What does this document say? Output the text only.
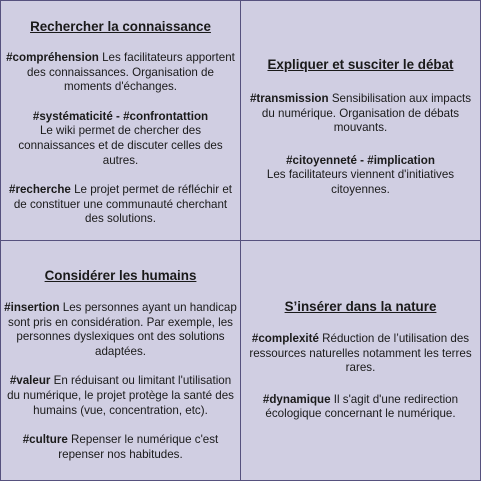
Rechercher la connaissance
#compréhension Les facilitateurs apportent des connaissances. Organisation de moments d'échanges.
#systématicité - #confrontattion
Le wiki permet de chercher des connaissances et de discuter celles des autres.
#recherche Le projet permet de réfléchir et de constituer une communauté cherchant des solutions.
Expliquer et susciter le débat
#transmission Sensibilisation aux impacts du numérique. Organisation de débats mouvants.
#citoyenneté - #implication
Les facilitateurs viennent d'initiatives citoyennes.
Considérer les humains
#insertion Les personnes ayant un handicap sont pris en considération. Par exemple, les personnes dyslexiques ont des solutions adaptées.
#valeur En réduisant ou limitant l'utilisation du numérique, le projet protège la santé des humains (vue, concentration, etc).
#culture Repenser le numérique c'est repenser nos habitudes.
S’insérer dans la nature
#complexité Réduction de l’utilisation des ressources naturelles notamment les terres rares.
#dynamique Il s'agit d'une redirection écologique concernant le numérique.
